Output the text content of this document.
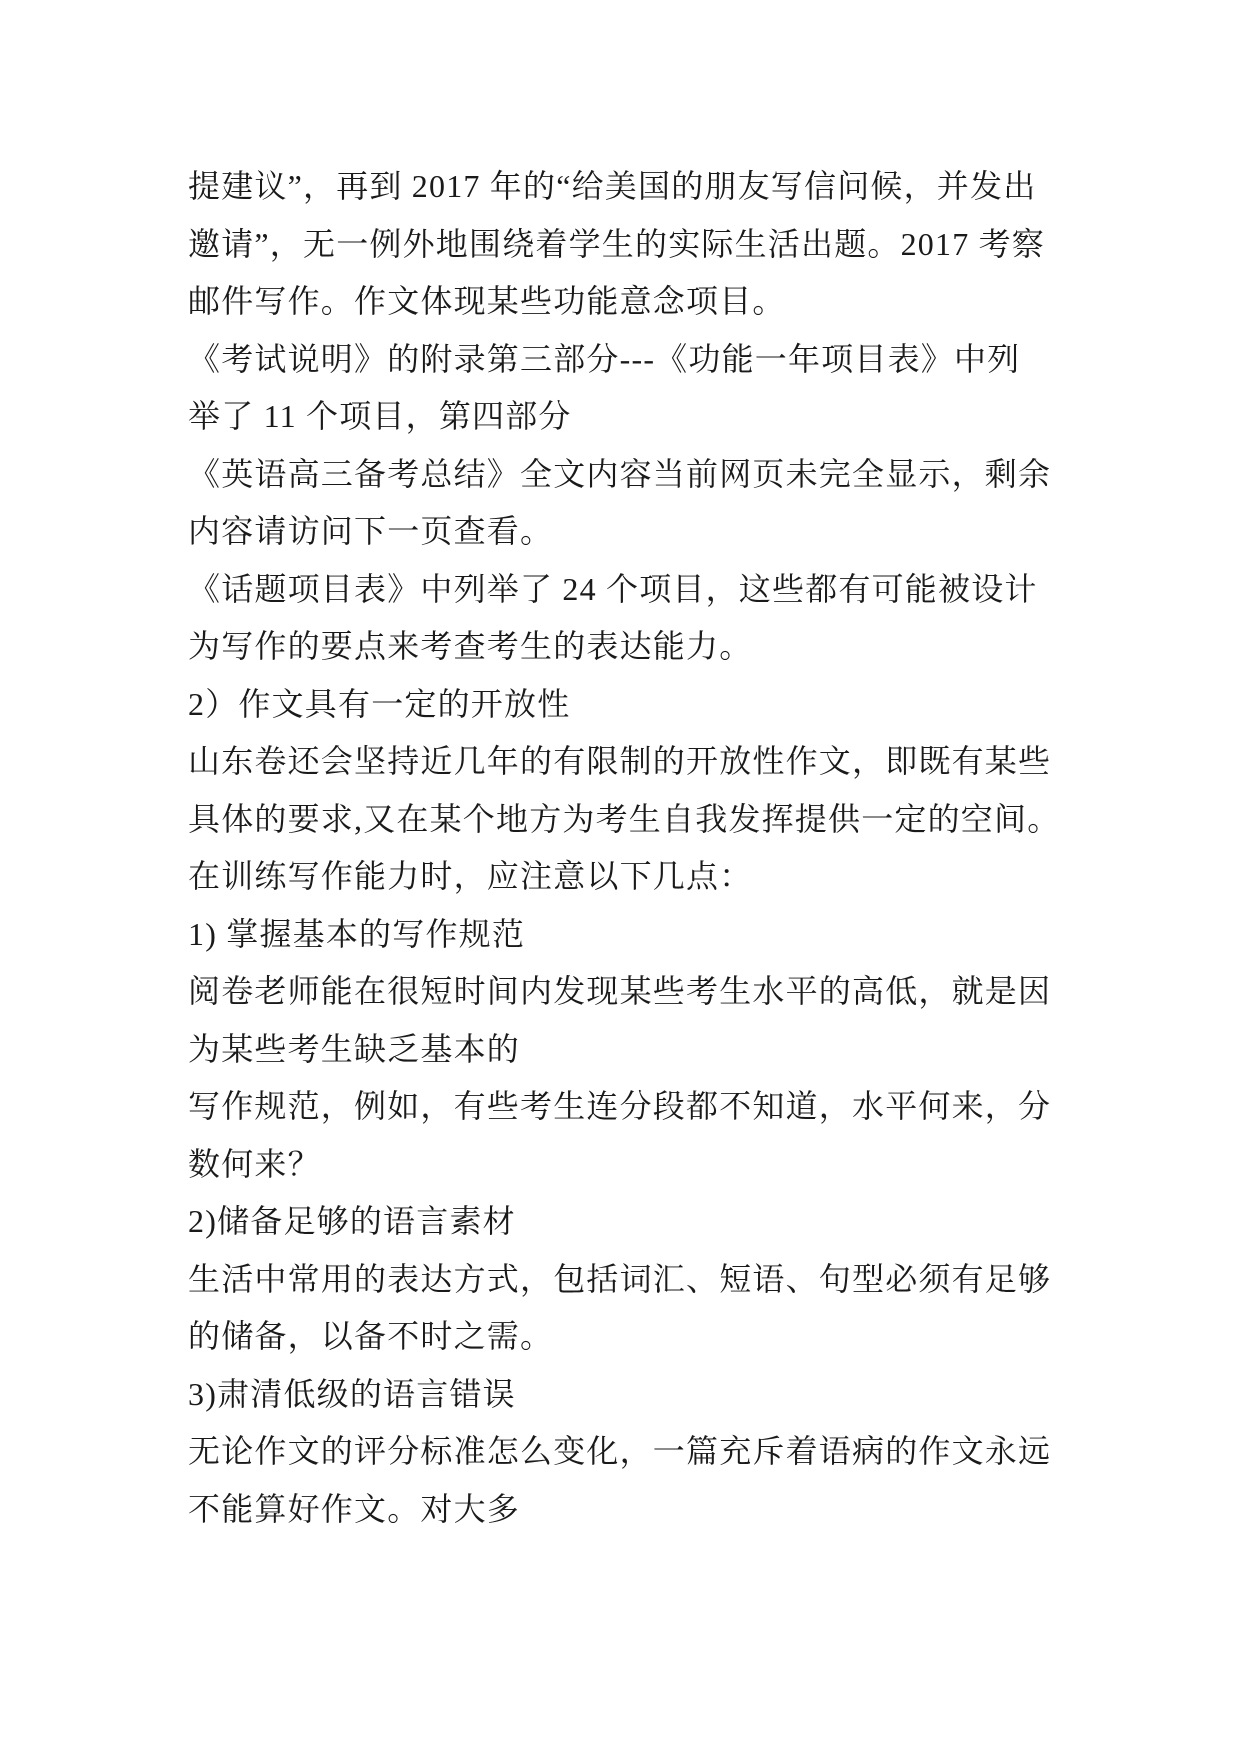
提建议”，再到 2017 年的“给美国的朋友写信问候，并发出

邀请”，无一例外地围绕着学生的实际生活出题。2017 考察

邮件写作。作文体现某些功能意念项目。

《考试说明》的附录第三部分---《功能一年项目表》中列

举了 11 个项目，第四部分

《英语高三备考总结》全文内容当前网页未完全显示，剩余

内容请访问下一页查看。

《话题项目表》中列举了 24 个项目，这些都有可能被设计

为写作的要点来考查考生的表达能力。

2）作文具有一定的开放性

山东卷还会坚持近几年的有限制的开放性作文，即既有某些

具体的要求,又在某个地方为考生自我发挥提供一定的空间。

在训练写作能力时，应注意以下几点：

1) 掌握基本的写作规范

阅卷老师能在很短时间内发现某些考生水平的高低，就是因

为某些考生缺乏基本的

写作规范，例如，有些考生连分段都不知道，水平何来，分

数何来？

2)储备足够的语言素材

生活中常用的表达方式，包括词汇、短语、句型必须有足够

的储备，以备不时之需。

3)肃清低级的语言错误

无论作文的评分标准怎么变化，一篇充斥着语病的作文永远

不能算好作文。对大多
